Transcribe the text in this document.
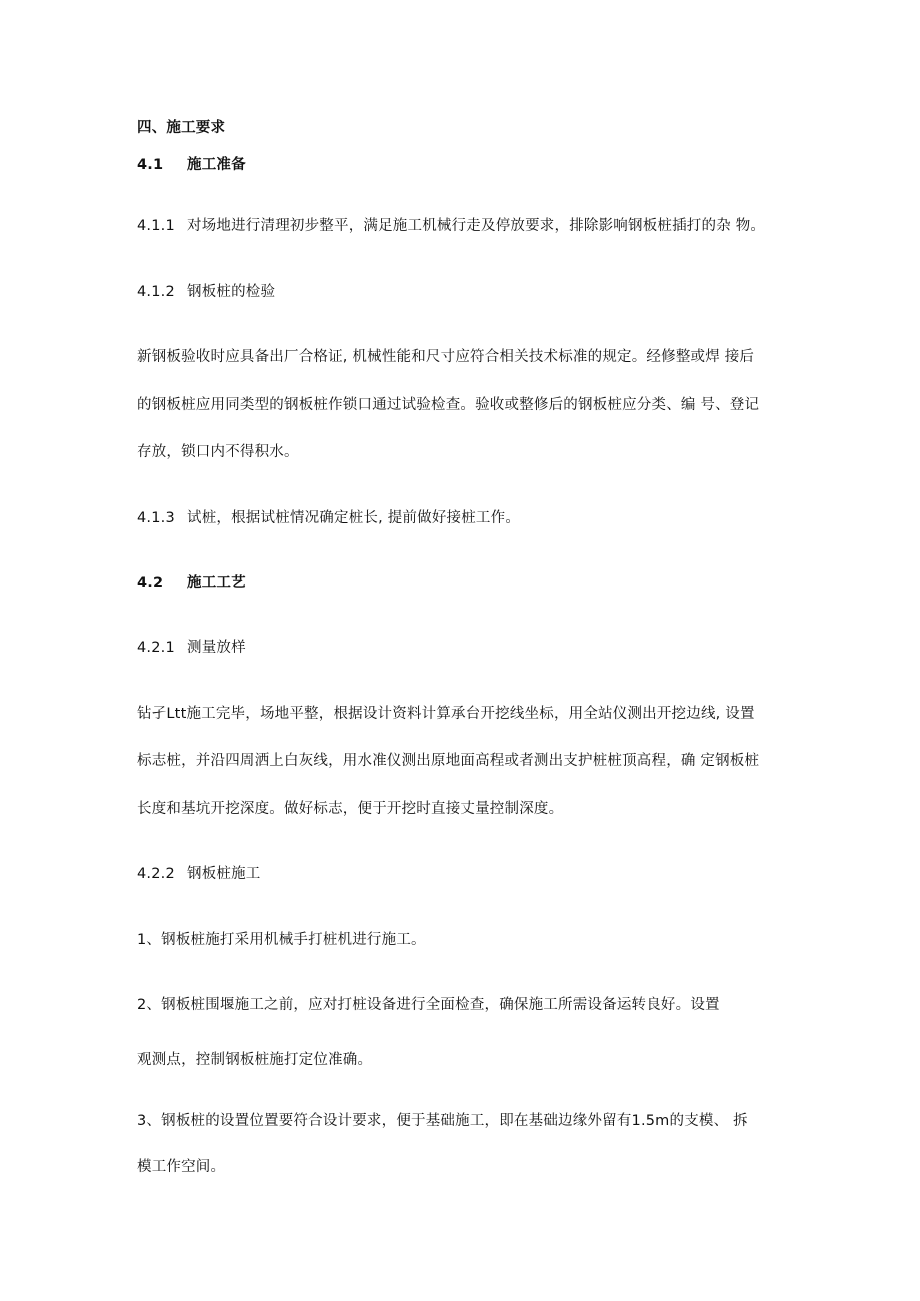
四、施工要求
4.1 施工准备
4.1.1 对场地进行清理初步整平，满足施工机械行走及停放要求，排除影响钢板桩插打的杂 物。
4.1.2 钢板桩的检验
新钢板验收时应具备出厂合格证, 机械性能和尺寸应符合相关技术标准的规定。经修整或焊 接后
的钢板桩应用同类型的钢板桩作锁口通过试验检查。验收或整修后的钢板桩应分类、编 号、登记
存放，锁口内不得积水。
4.1.3 试桩，根据试桩情况确定桩长, 提前做好接桩工作。
4.2 施工工艺
4.2.1 测量放样
钻孑Ltt施工完毕，场地平整，根据设计资料计算承台开挖线坐标，用全站仪测出开挖边线, 设置
标志桩，并沿四周洒上白灰线，用水准仪测出原地面高程或者测出支护桩桩顶高程，确 定钢板桩
长度和基坑开挖深度。做好标志，便于开挖时直接丈量控制深度。
4.2.2 钢板桩施工
1、钢板桩施打采用机械手打桩机进行施工。
2、钢板桩围堰施工之前，应对打桩设备进行全面检查，确保施工所需设备运转良好。设置
观测点，控制钢板桩施打定位准确。
3、钢板桩的设置位置要符合设计要求，便于基础施工，即在基础边缘外留有1.5m的支模、 拆
模工作空间。
